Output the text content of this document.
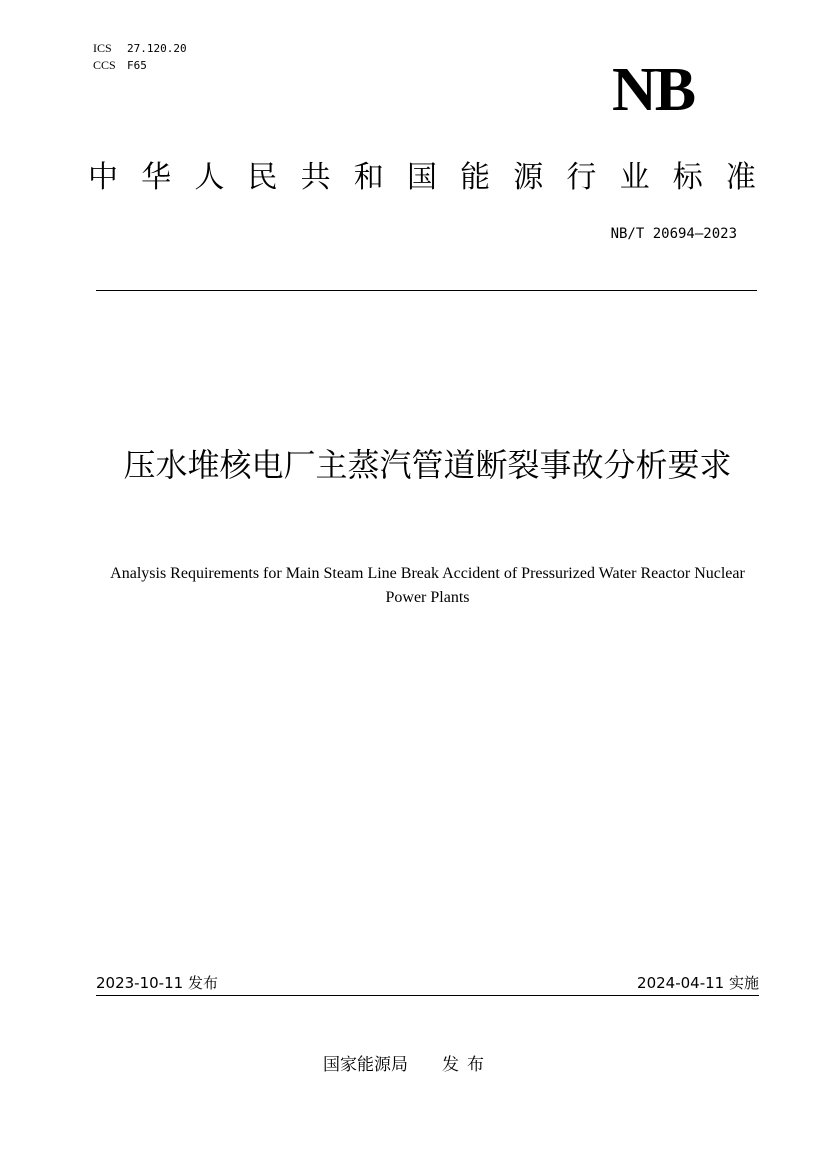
ICS 27.120.20
CCS F65	NB
中 华 人 民 共 和 国 能 源 行 业 标 准
NB/T 20694—2023
压水堆核电厂主蒸汽管道断裂事故分析要求
Analysis Requirements for Main Steam Line Break Accident of Pressurized Water Reactor Nuclear Power Plants
2023-10-11 发布	2024-04-11 实施
国家能源局 发布
